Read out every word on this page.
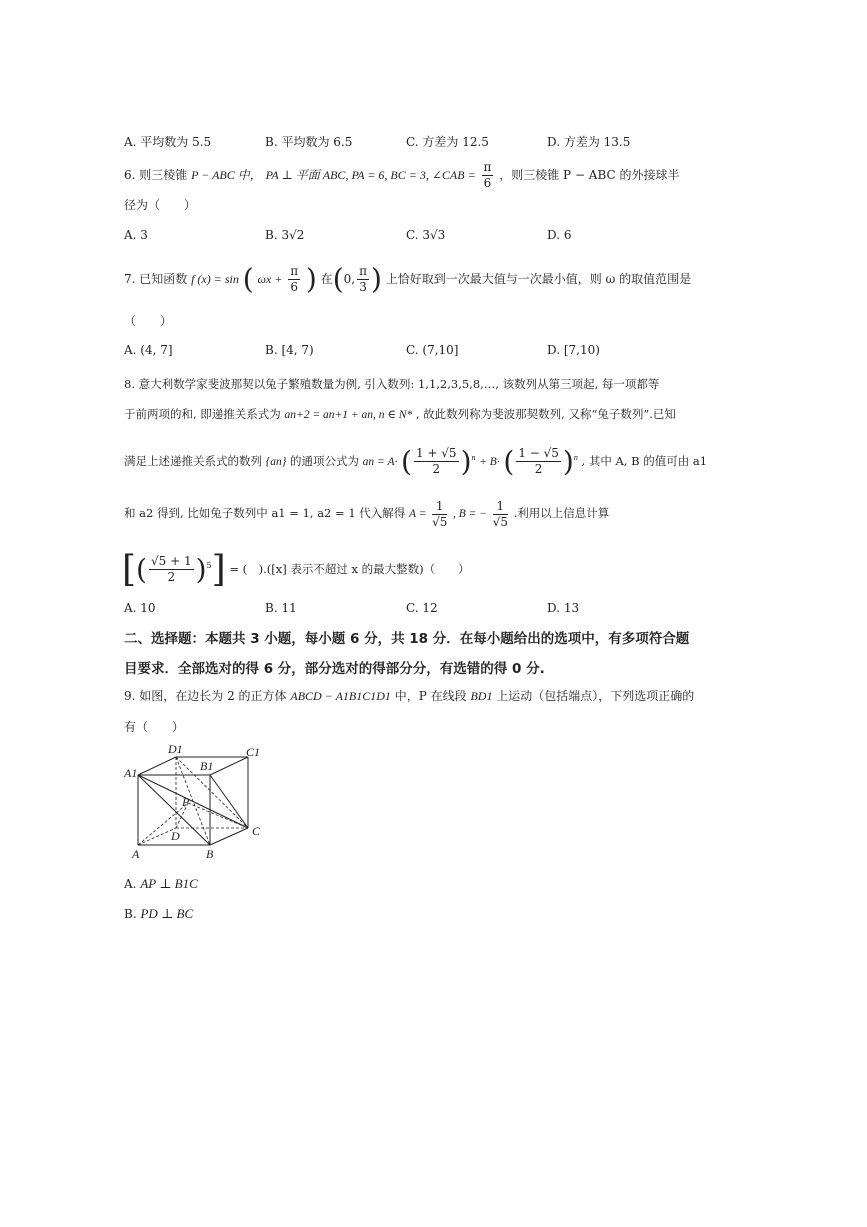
A. 平均数为 5.5	B. 平均数为 6.5	C. 方差为 12.5	D. 方差为 13.5
6. 则三棱锥 P − ABC 中， PA ⊥ 平面 ABC, PA = 6, BC = 3, ∠CAB = $\frac{\pi}{6}$ ，则三棱锥 P − ABC 的外接球半
径为（　　）
A. 3	B. 3√2	C. 3√3	D. 6
7. 已知函数 f (x) = sin ( $\omega x + \frac{\pi}{6}$ ) 在(0, $\frac{\pi}{3}$ ) 上恰好取到一次最大值与一次最小值，则 ω 的取值范围是
（　　）
A. (4, 7]	B. [4, 7)	C. (7,10]	D. [7,10)
8. 意大利数学家斐波那契以兔子繁殖数量为例, 引入数列: 1,1,2,3,5,8,…, 该数列从第三项起, 每一项都等
于前两项的和, 即递推关系式为 an+2 = an+1 + an, n ∈ N* , 故此数列称为斐波那契数列, 又称“兔子数列”.已知
满足上述递推关系式的数列 {an} 的通项公式为 an = A· ( $\frac{1 + √5}{2} )^n + B\cdot$ ( $\frac{1 - √5}{2} )^n$ , 其中 A, B 的值可由 a1
和 a2 得到, 比如兔子数列中 a1 = 1, a2 = 1 代入解得 $A = \frac{1}{√5}$ , B = − $\frac{1}{√5}$ .利用以上信息计算
[( $\frac{√5 + 1}{2} )^5$] = (　).([x] 表示不超过 x 的最大整数)（　　）
A. 10	B. 11	C. 12	D. 13
二、选择题：本题共 3 小题，每小题 6 分，共 18 分．在每小题给出的选项中，有多项符合题
目要求．全部选对的得 6 分，部分选对的得部分分，有选错的得 0 分.
9. 如图，在边长为 2 的正方体 ABCD − A1B1C1D1 中，P 在线段 BD1 上运动（包括端点），下列选项正确的
有（　　）
D1	C1
A1	B1
P
D	C
A	B
A. AP ⊥ B1C
B. PD ⊥ BC
